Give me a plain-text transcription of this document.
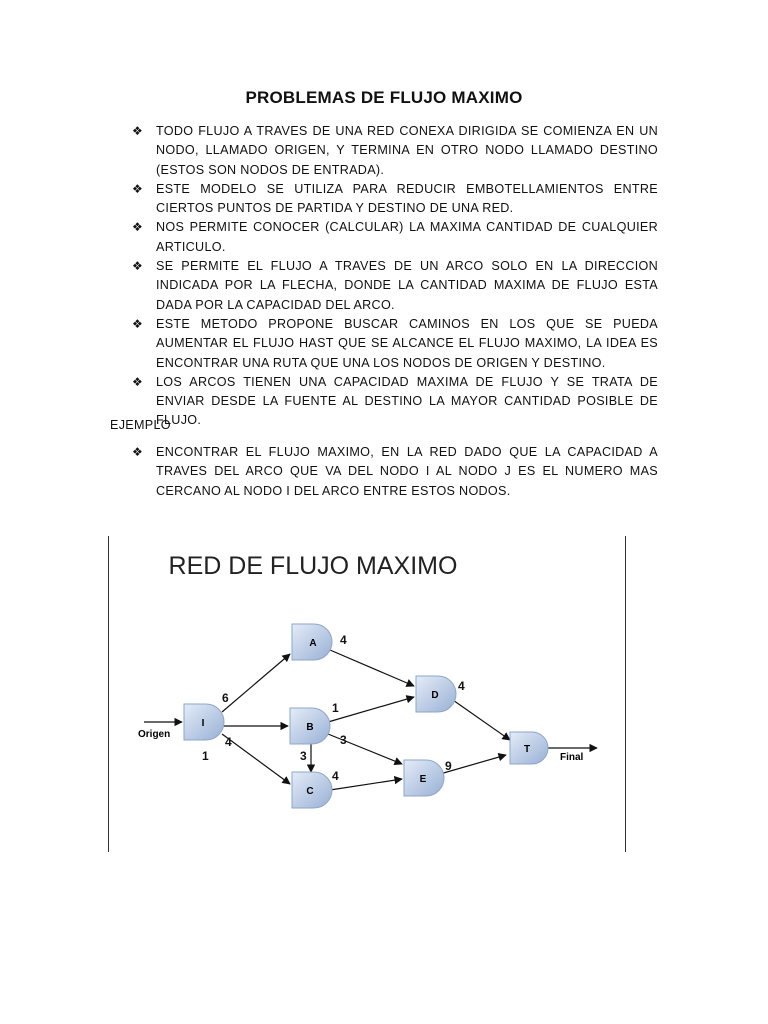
PROBLEMAS DE FLUJO MAXIMO
❖ TODO FLUJO A TRAVES DE UNA RED CONEXA DIRIGIDA SE COMIENZA EN UN NODO, LLAMADO ORIGEN, Y TERMINA EN OTRO NODO LLAMADO DESTINO (ESTOS SON NODOS DE ENTRADA).
❖ ESTE MODELO SE UTILIZA PARA REDUCIR EMBOTELLAMIENTOS ENTRE CIERTOS PUNTOS DE PARTIDA Y DESTINO DE UNA RED.
❖ NOS PERMITE CONOCER (CALCULAR) LA MAXIMA CANTIDAD DE CUALQUIER ARTICULO.
❖ SE PERMITE EL FLUJO A TRAVES DE UN ARCO SOLO EN LA DIRECCION INDICADA POR LA FLECHA, DONDE LA CANTIDAD MAXIMA DE FLUJO ESTA DADA POR LA CAPACIDAD DEL ARCO.
❖ ESTE METODO PROPONE BUSCAR CAMINOS EN LOS QUE SE PUEDA AUMENTAR EL FLUJO HAST QUE SE ALCANCE EL FLUJO MAXIMO, LA IDEA ES ENCONTRAR UNA RUTA QUE UNA LOS NODOS DE ORIGEN Y DESTINO.
❖ LOS ARCOS TIENEN UNA CAPACIDAD MAXIMA DE FLUJO Y SE TRATA DE ENVIAR DESDE LA FUENTE AL DESTINO LA MAYOR CANTIDAD POSIBLE DE FLUJO.
EJEMPLO
❖ ENCONTRAR EL FLUJO MAXIMO, EN LA RED DADO QUE LA CAPACIDAD A TRAVES DEL ARCO QUE VA DEL NODO I AL NODO J ES EL NUMERO MAS CERCANO AL NODO I DEL ARCO ENTRE ESTOS NODOS.
RED DE FLUJO MAXIMO
I
A
B
C
D
E
T
Origen
Final
6
4
1
4
1
3
3
4
4
9
